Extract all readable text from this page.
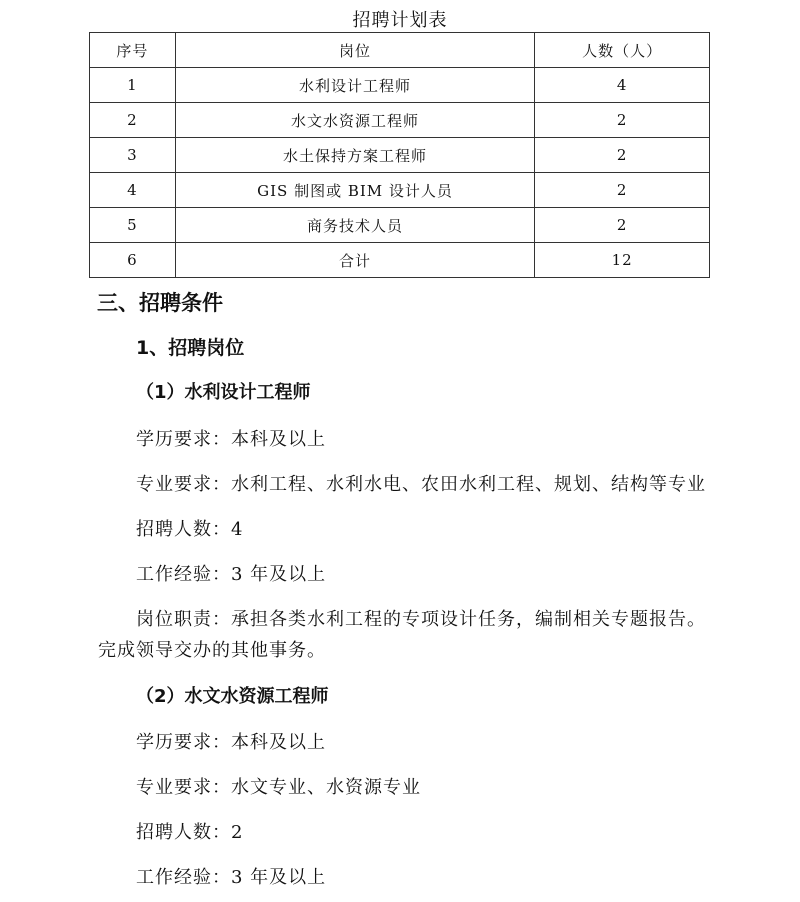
招聘计划表
序号	岗位	人数（人）
1	水利设计工程师	4
2	水文水资源工程师	2
3	水土保持方案工程师	2
4	GIS 制图或 BIM 设计人员	2
5	商务技术人员	2
6	合计	12
三、招聘条件
1、招聘岗位
（1）水利设计工程师
学历要求：本科及以上
专业要求：水利工程、水利水电、农田水利工程、规划、结构等专业
招聘人数：4
工作经验：3 年及以上
岗位职责：承担各类水利工程的专项设计任务，编制相关专题报告。
完成领导交办的其他事务。
（2）水文水资源工程师
学历要求：本科及以上
专业要求：水文专业、水资源专业
招聘人数：2
工作经验：3 年及以上
